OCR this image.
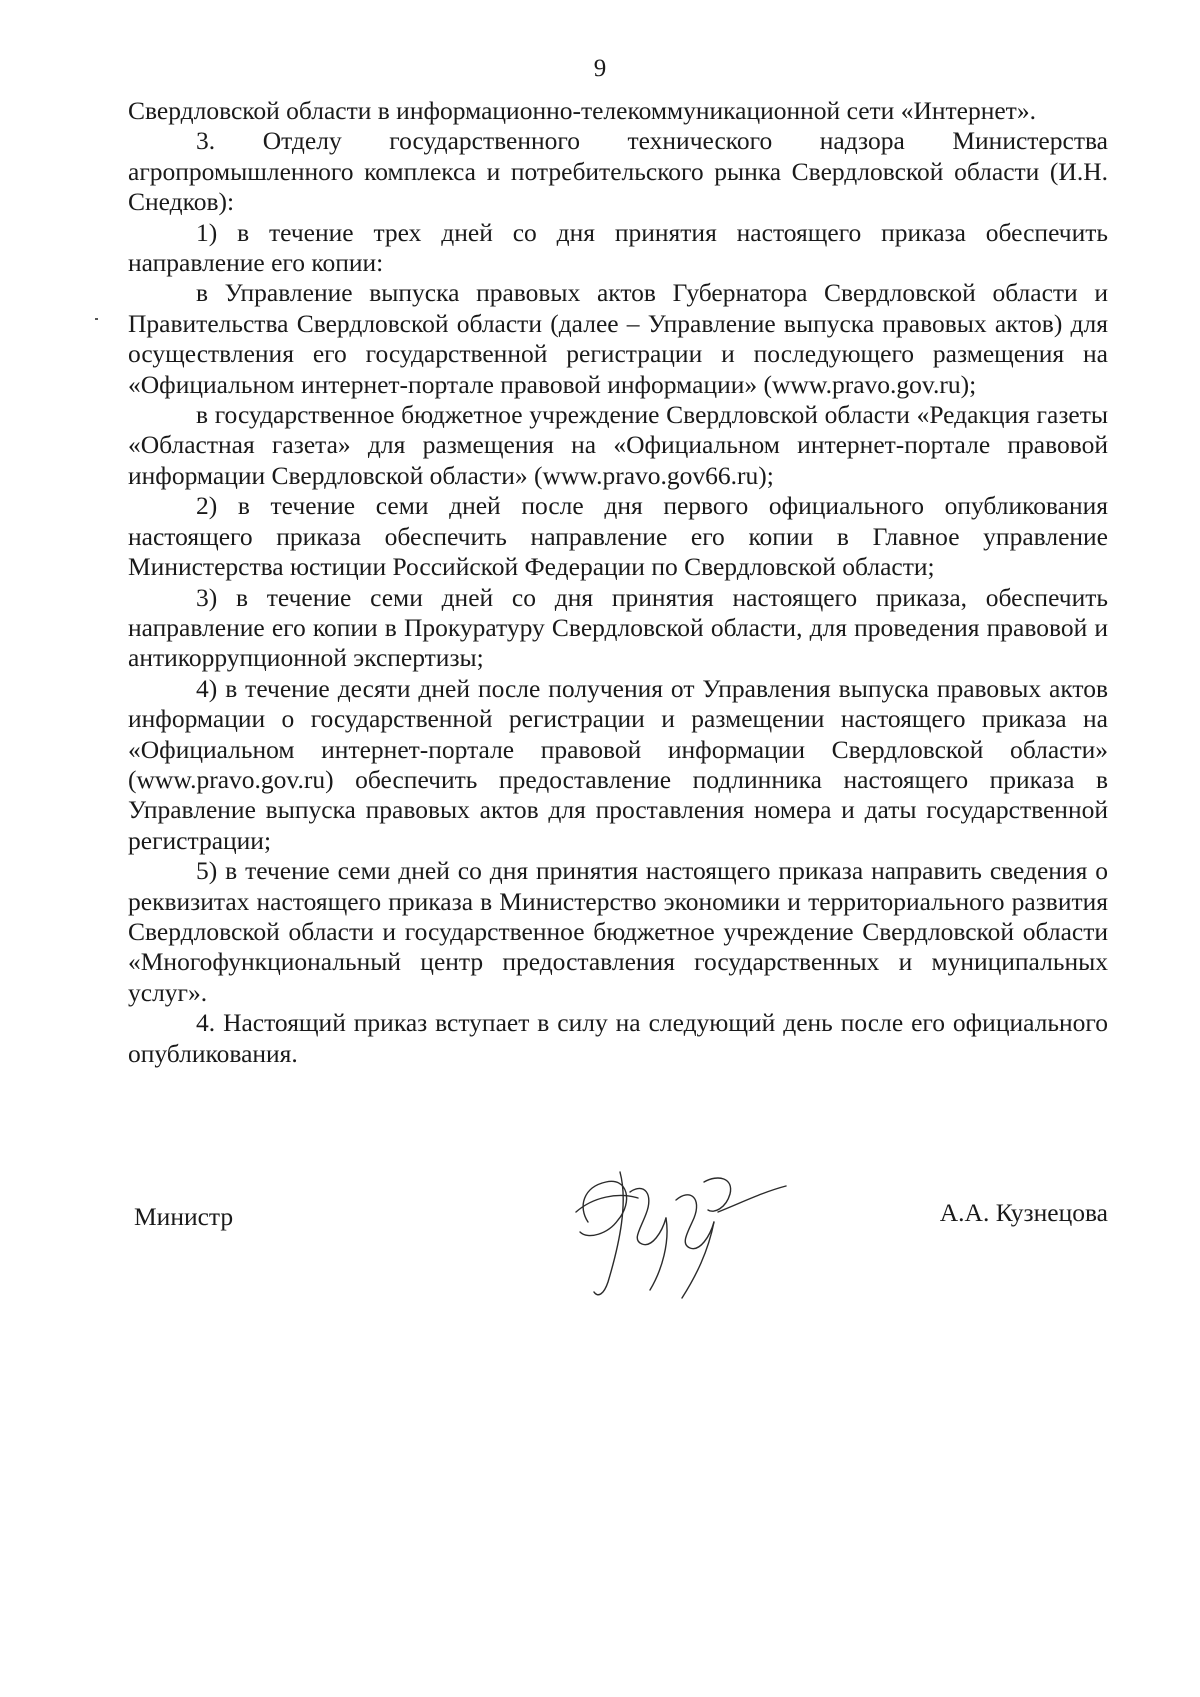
9

Свердловской области в информационно-телекоммуникационной сети «Интернет».

3. Отделу государственного технического надзора Министерства агропромышленного комплекса и потребительского рынка Свердловской области (И.Н. Снедков):

1) в течение трех дней со дня принятия настоящего приказа обеспечить направление его копии:

в Управление выпуска правовых актов Губернатора Свердловской области и Правительства Свердловской области (далее – Управление выпуска правовых актов) для осуществления его государственной регистрации и последующего размещения на «Официальном интернет-портале правовой информации» (www.pravo.gov.ru);

в государственное бюджетное учреждение Свердловской области «Редакция газеты «Областная газета» для размещения на «Официальном интернет-портале правовой информации Свердловской области» (www.pravo.gov66.ru);

2) в течение семи дней после дня первого официального опубликования настоящего приказа обеспечить направление его копии в Главное управление Министерства юстиции Российской Федерации по Свердловской области;

3) в течение семи дней со дня принятия настоящего приказа, обеспечить направление его копии в Прокуратуру Свердловской области, для проведения правовой и антикоррупционной экспертизы;

4) в течение десяти дней после получения от Управления выпуска правовых актов информации о государственной регистрации и размещении настоящего приказа на «Официальном интернет-портале правовой информации Свердловской области» (www.pravo.gov.ru) обеспечить предоставление подлинника настоящего приказа в Управление выпуска правовых актов для проставления номера и даты государственной регистрации;

5) в течение семи дней со дня принятия настоящего приказа направить сведения о реквизитах настоящего приказа в Министерство экономики и территориального развития Свердловской области и государственное бюджетное учреждение Свердловской области «Многофункциональный центр предоставления государственных и муниципальных услуг».

4. Настоящий приказ вступает в силу на следующий день после его официального опубликования.

Министр	А.А. Кузнецова
